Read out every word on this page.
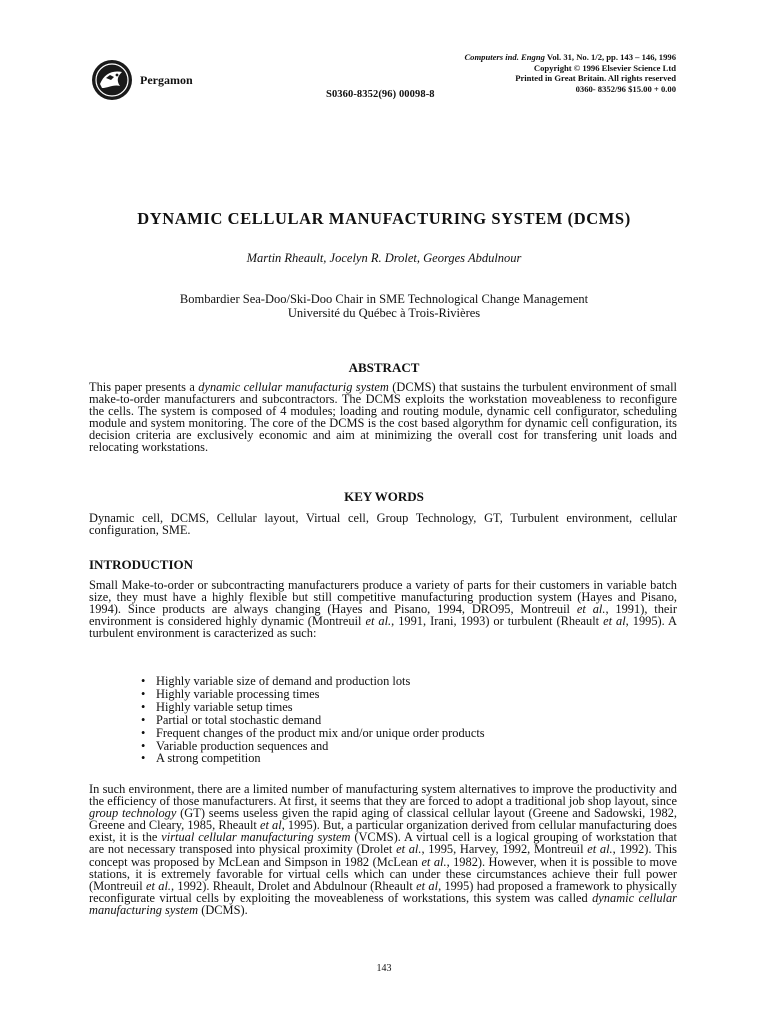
Pergamon
Computers ind. Engng Vol. 31, No. 1/2, pp. 143 – 146, 1996
Copyright © 1996 Elsevier Science Ltd
Printed in Great Britain. All rights reserved
0360- 8352/96 $15.00 + 0.00
S0360-8352(96) 00098-8
DYNAMIC CELLULAR MANUFACTURING SYSTEM (DCMS)
Martin Rheault, Jocelyn R. Drolet, Georges Abdulnour
Bombardier Sea-Doo/Ski-Doo Chair in SME Technological Change Management
Université du Québec à Trois-Rivières
ABSTRACT

This paper presents a dynamic cellular manufacturig system (DCMS) that sustains the turbulent environment of small make-to-order manufacturers and subcontractors. The DCMS exploits the workstation moveableness to reconfigure the cells. The system is composed of 4 modules; loading and routing module, dynamic cell configurator, scheduling module and system monitoring. The core of the DCMS is the cost based algorythm for dynamic cell configuration, its decision criteria are exclusively economic and aim at minimizing the overall cost for transfering unit loads and relocating workstations.

KEY WORDS

Dynamic cell, DCMS, Cellular layout, Virtual cell, Group Technology, GT, Turbulent environment, cellular configuration, SME.

INTRODUCTION

Small Make-to-order or subcontracting manufacturers produce a variety of parts for their customers in variable batch size, they must have a highly flexible but still competitive manufacturing production system (Hayes and Pisano, 1994). Since products are always changing (Hayes and Pisano, 1994, DRO95, Montreuil et al., 1991), their environment is considered highly dynamic (Montreuil et al., 1991, Irani, 1993) or turbulent (Rheault et al, 1995). A turbulent environment is caracterized as such:

• Highly variable size of demand and production lots
• Highly variable processing times
• Highly variable setup times
• Partial or total stochastic demand
• Frequent changes of the product mix and/or unique order products
• Variable production sequences and
• A strong competition

In such environment, there are a limited number of manufacturing system alternatives to improve the productivity and the efficiency of those manufacturers. At first, it seems that they are forced to adopt a traditional job shop layout, since group technology (GT) seems useless given the rapid aging of classical cellular layout (Greene and Sadowski, 1982, Greene and Cleary, 1985, Rheault et al, 1995). But, a particular organization derived from cellular manufacturing does exist, it is the virtual cellular manufacturing system (VCMS). A virtual cell is a logical grouping of workstation that are not necessary transposed into physical proximity (Drolet et al., 1995, Harvey, 1992, Montreuil et al., 1992). This concept was proposed by McLean and Simpson in 1982 (McLean et al., 1982). However, when it is possible to move stations, it is extremely favorable for virtual cells which can under these circumstances achieve their full power (Montreuil et al., 1992). Rheault, Drolet and Abdulnour (Rheault et al, 1995) had proposed a framework to physically reconfigurate virtual cells by exploiting the moveableness of workstations, this system was called dynamic cellular manufacturing system (DCMS).

143
